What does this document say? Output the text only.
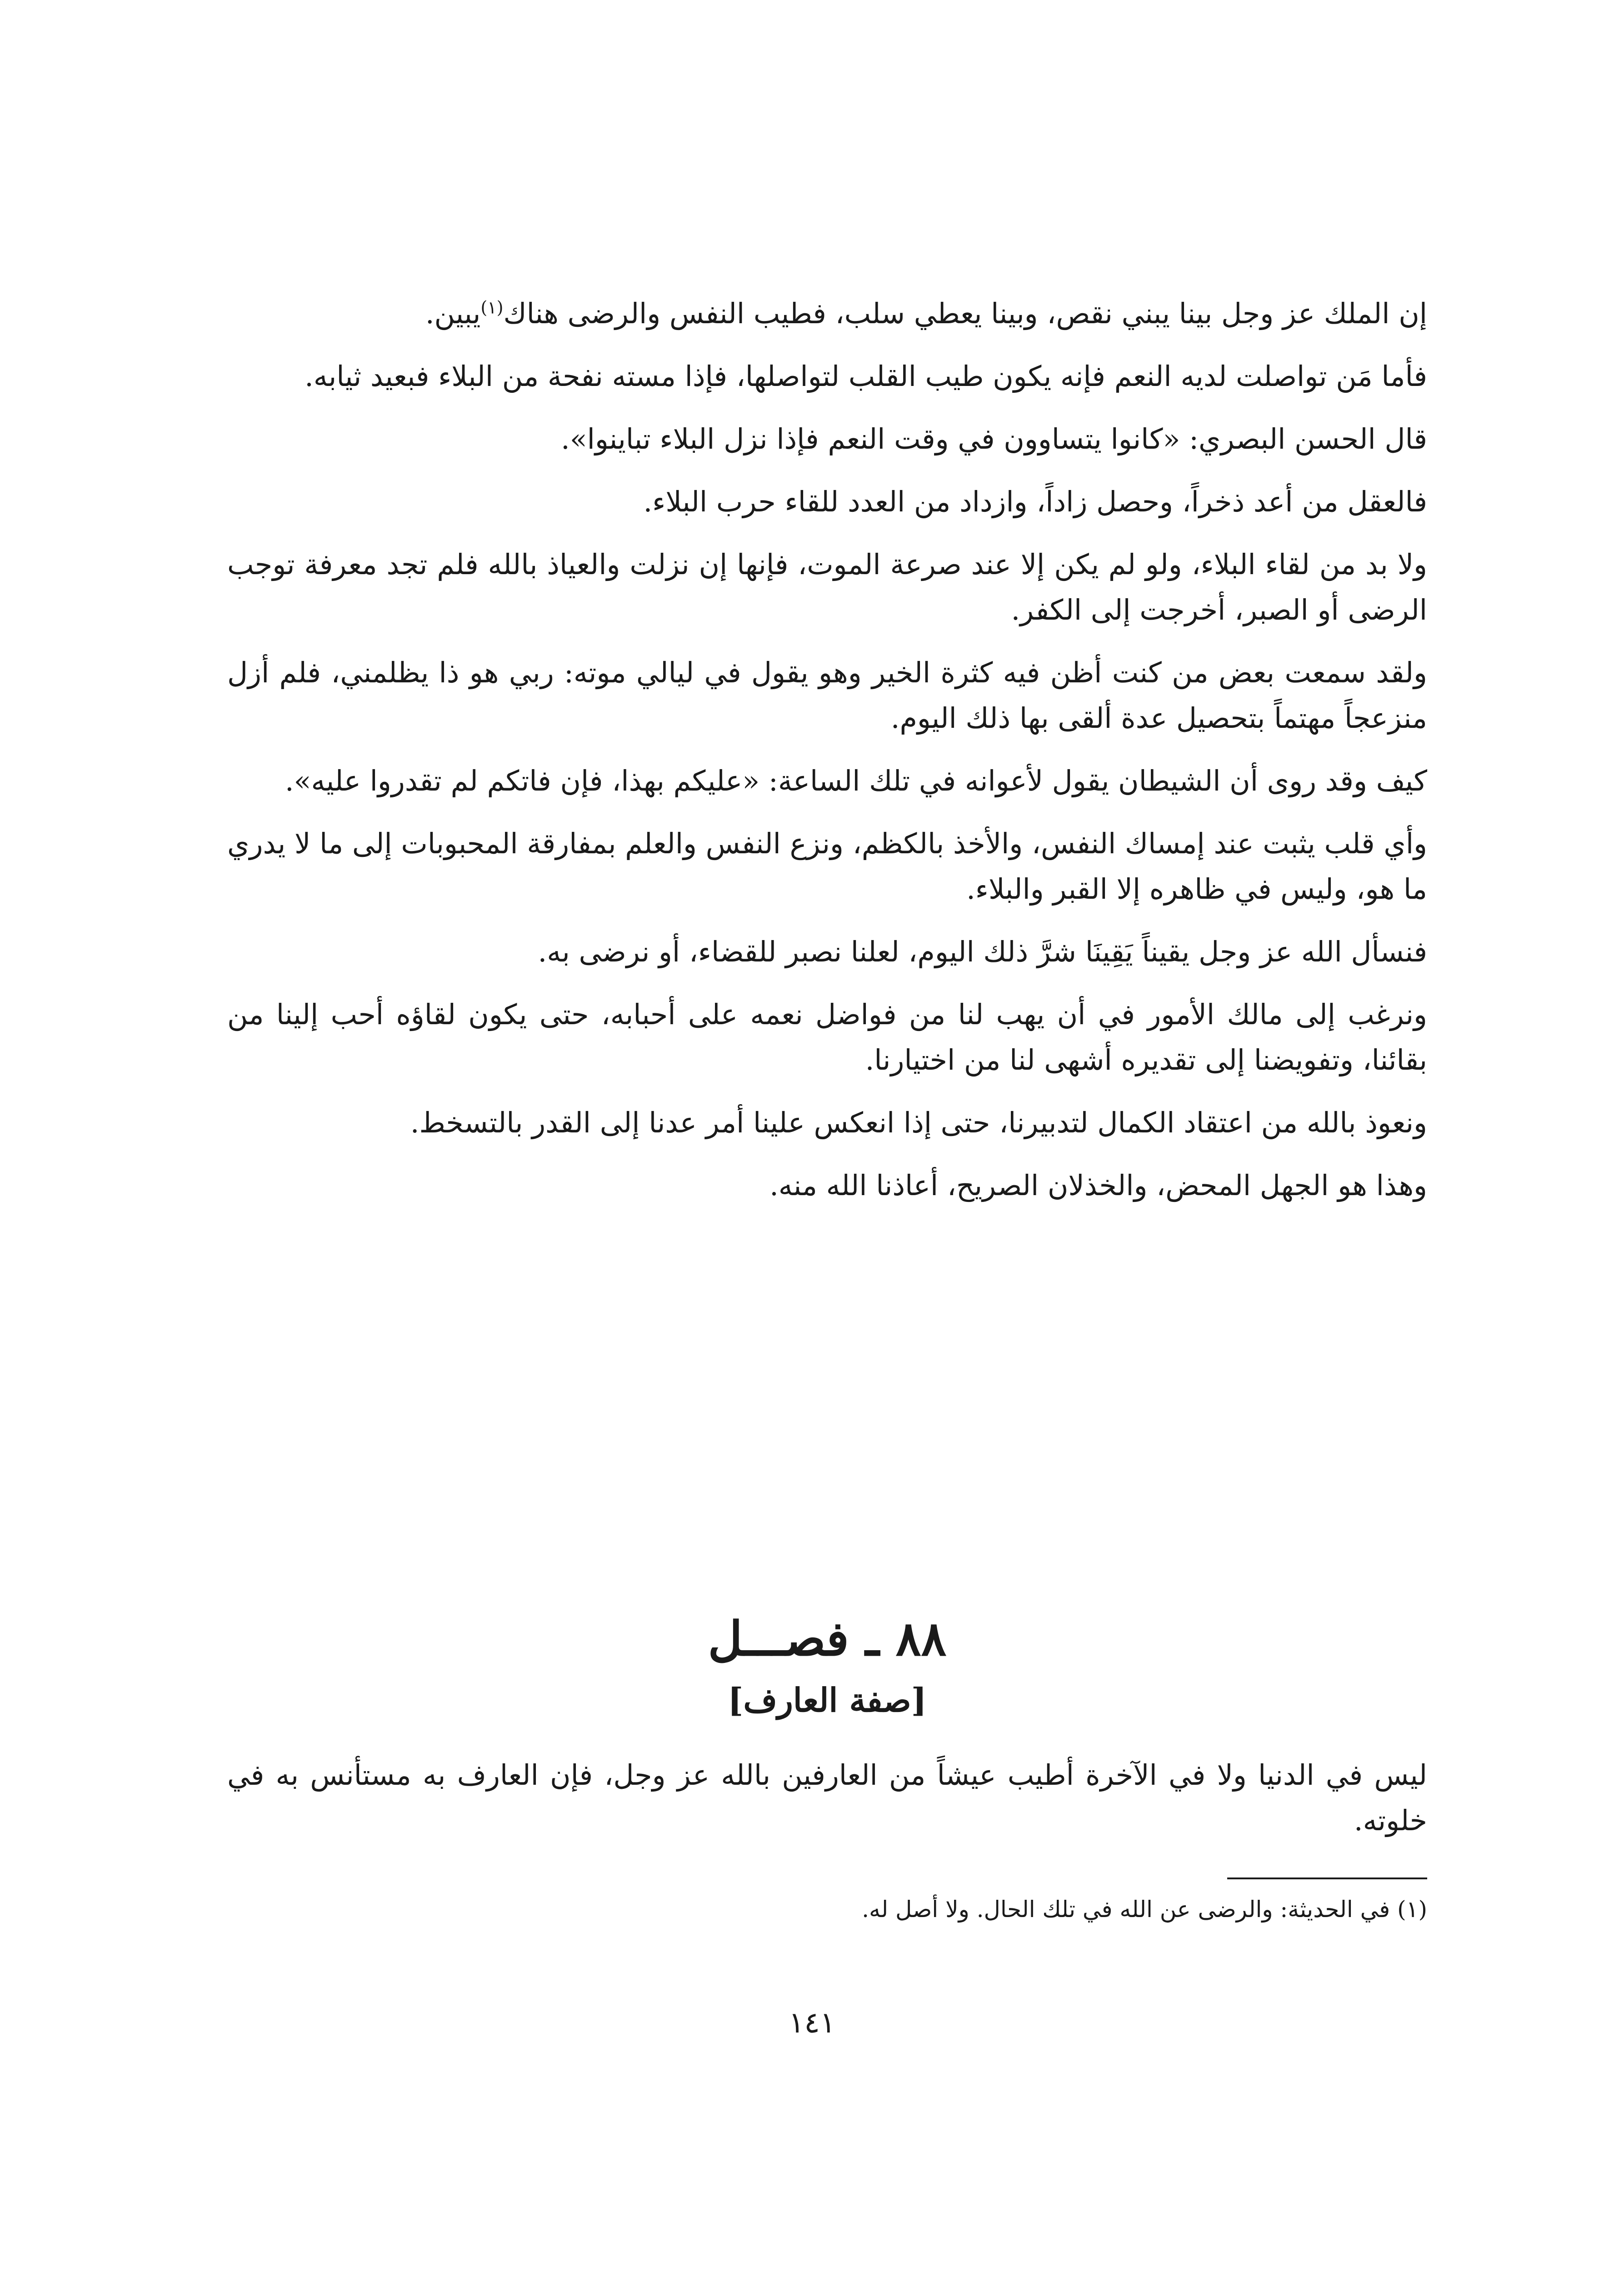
إن الملك عز وجل بينا يبني نقص، وبينا يعطي سلب، فطيب النفس والرضى هناك$^{(١)}$يبين.

فأما مَن تواصلت لديه النعم فإنه يكون طيب القلب لتواصلها، فإذا مسته نفحة من البلاء فبعيد ثيابه.

قال الحسن البصري: «كانوا يتساوون في وقت النعم فإذا نزل البلاء تباينوا».

فالعقل من أعد ذخراً، وحصل زاداً، وازداد من العدد للقاء حرب البلاء.

ولا بد من لقاء البلاء، ولو لم يكن إلا عند صرعة الموت، فإنها إن نزلت والعياذ بالله فلم تجد معرفة توجب الرضى أو الصبر، أخرجت إلى الكفر.

ولقد سمعت بعض من كنت أظن فيه كثرة الخير وهو يقول في ليالي موته: ربي هو ذا يظلمني، فلم أزل منزعجاً مهتماً بتحصيل عدة ألقى بها ذلك اليوم.

كيف وقد روى أن الشيطان يقول لأعوانه في تلك الساعة: «عليكم بهذا، فإن فاتكم لم تقدروا عليه».

وأي قلب يثبت عند إمساك النفس، والأخذ بالكظم، ونزع النفس والعلم بمفارقة المحبوبات إلى ما لا يدري ما هو، وليس في ظاهره إلا القبر والبلاء.

فنسأل الله عز وجل يقيناً يَقِينَا شرَّ ذلك اليوم، لعلنا نصبر للقضاء، أو نرضى به.

ونرغب إلى مالك الأمور في أن يهب لنا من فواضل نعمه على أحبابه، حتى يكون لقاؤه أحب إلينا من بقائنا، وتفويضنا إلى تقديره أشهى لنا من اختيارنا.

ونعوذ بالله من اعتقاد الكمال لتدبيرنا، حتى إذا انعكس علينا أمر عدنا إلى القدر بالتسخط.

وهذا هو الجهل المحض، والخذلان الصريح، أعاذنا الله منه.

٨٨ ـ فصـــل
[صفة العارف]
ليس في الدنيا ولا في الآخرة أطيب عيشاً من العارفين بالله عز وجل، فإن العارف به مستأنس به في خلوته.
(١) في الحديثة: والرضى عن الله في تلك الحال. ولا أصل له.
١٤١
